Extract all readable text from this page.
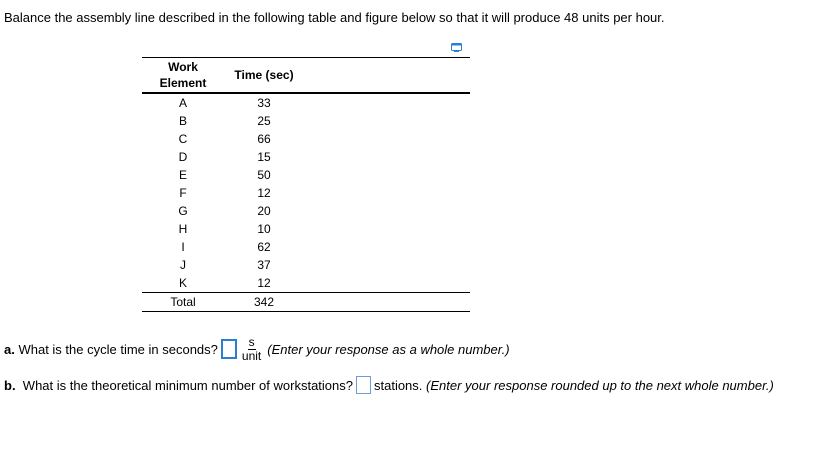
Balance the assembly line described in the following table and figure below so that it will produce 48 units per hour.
Work Element	Time (sec)	
A	33	
B	25	
C	66	
D	15	
E	50	
F	12	
G	20	
H	10	
I	62	
J	37	
K	12	
Total	342	
a.
What is the cycle time in seconds? $\frac{s}{\text{unit}}$ (Enter your response as a whole number.)
b.
What is the theoretical minimum number of workstations? stations.
(Enter your response rounded up to the next whole number.)
